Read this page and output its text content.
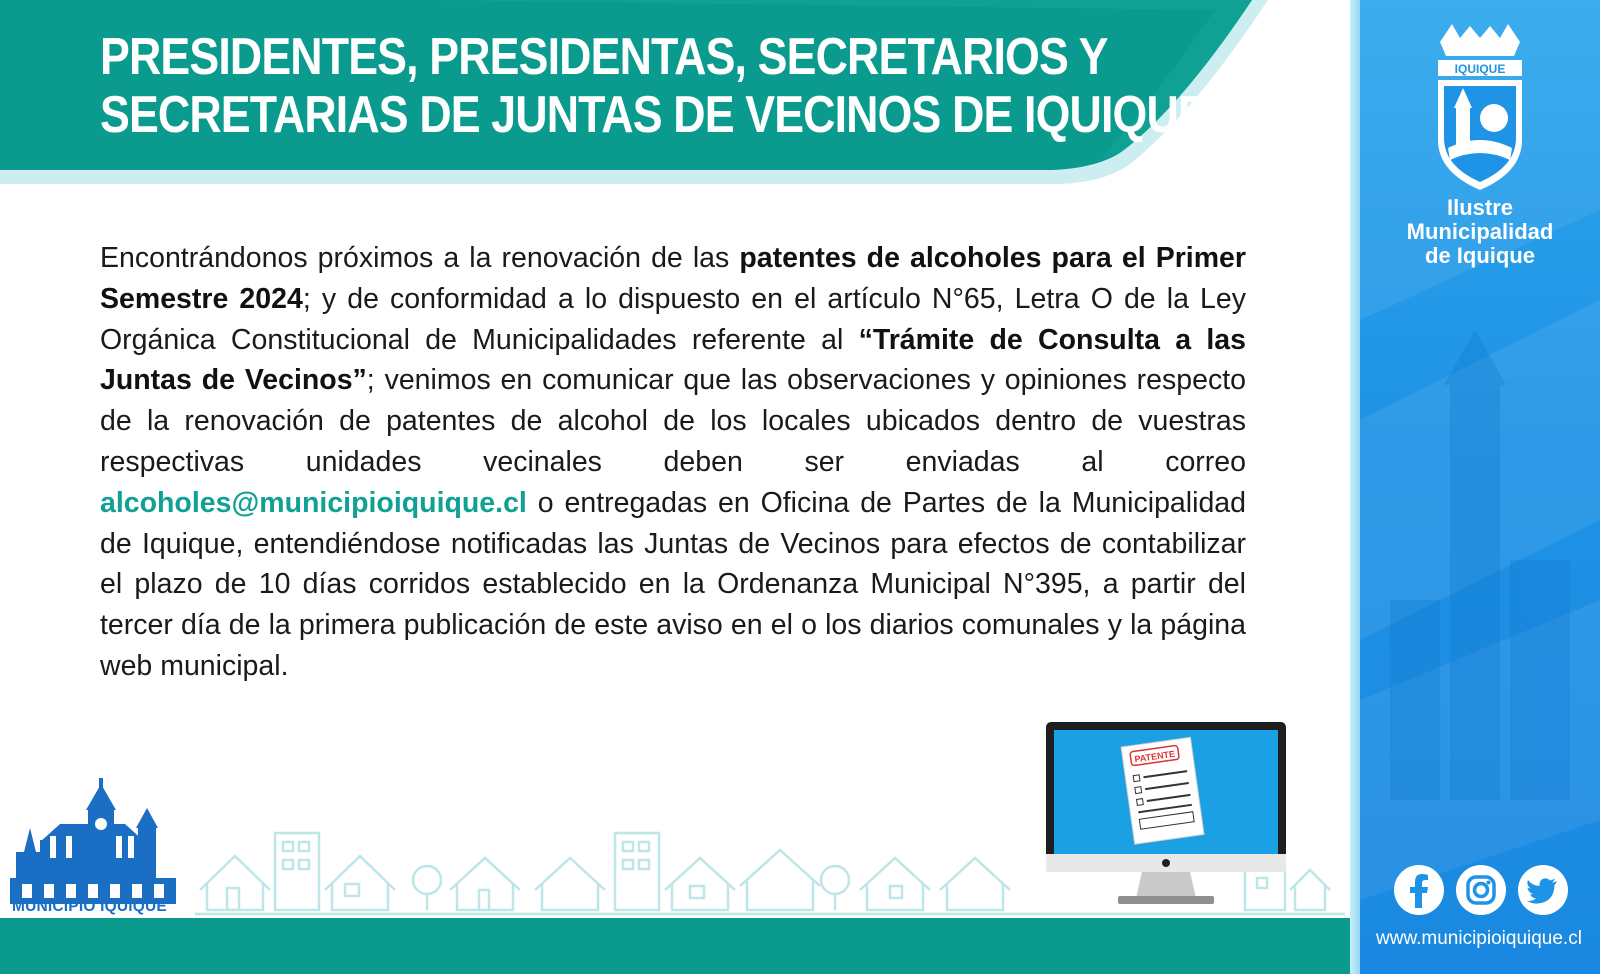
PRESIDENTES, PRESIDENTAS, SECRETARIOS Y
SECRETARIAS DE JUNTAS DE VECINOS DE IQUIQUE

Encontrándonos próximos a la renovación de las patentes de alcoholes para el Primer Semestre 2024; y de conformidad a lo dispuesto en el artículo N°65, Letra O de la Ley Orgánica Constitucional de Municipalidades referente al “Trámite de Consulta a las Juntas de Vecinos”; venimos en comunicar que las observaciones y opiniones respecto de la renovación de patentes de alcohol de los locales ubicados dentro de vuestras respectivas unidades vecinales deben ser enviadas al correo alcoholes@municipioiquique.cl o entregadas en Oficina de Partes de la Municipalidad de Iquique, entendiéndose notificadas las Juntas de Vecinos para efectos de contabilizar el plazo de 10 días corridos establecido en la Ordenanza Municipal N°395, a partir del tercer día de la primera publicación de este aviso en el o los diarios comunales y la página web municipal.

MUNICIPIO IQUIQUE
PATENTE
IQUIQUE
Ilustre
Municipalidad
de Iquique
www.municipioiquique.cl
